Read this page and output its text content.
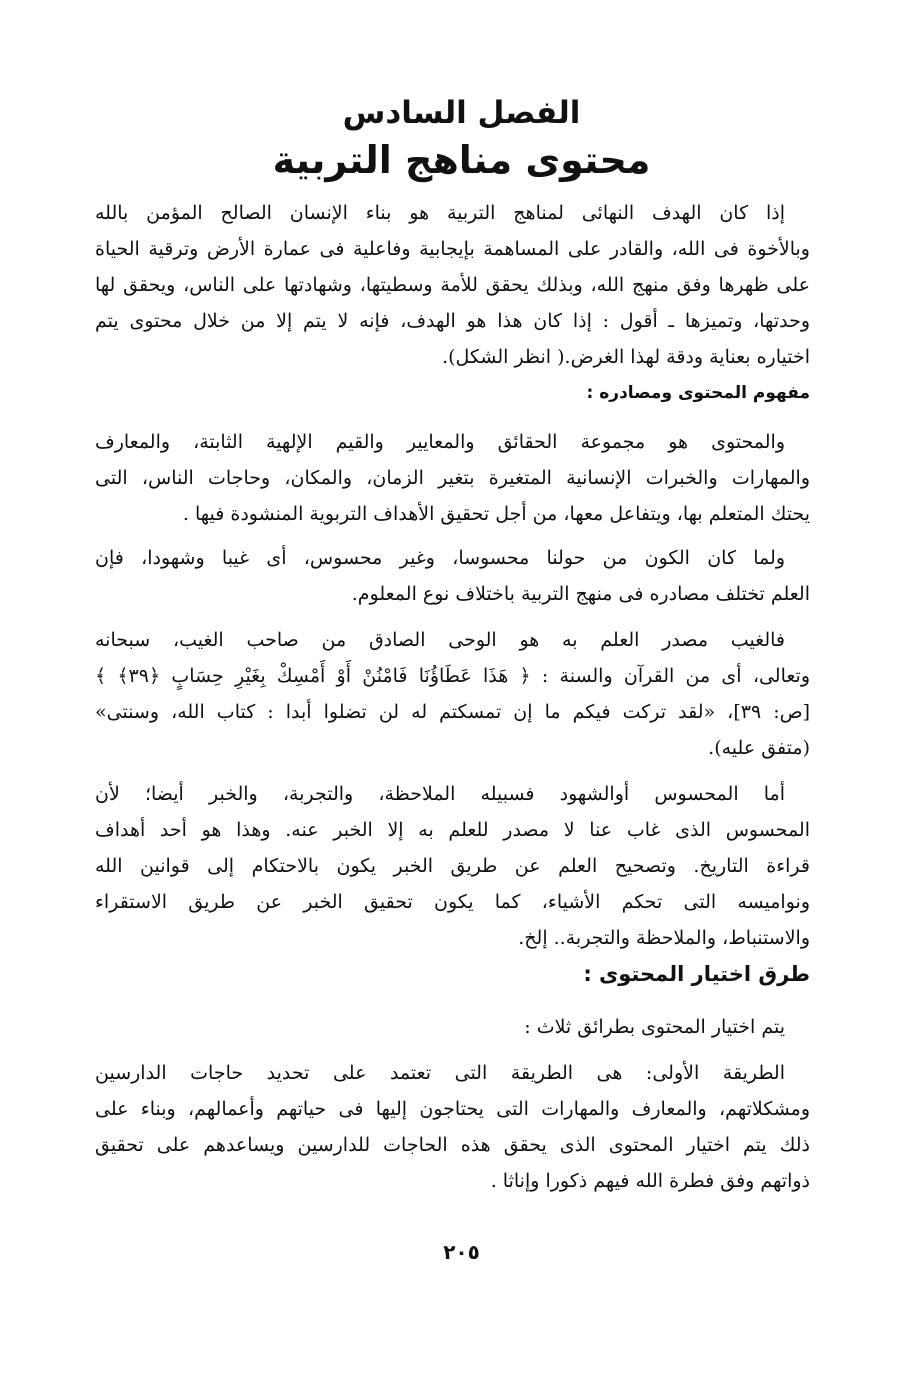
الفصل السادس
محتوى مناهج التربية
إذا كان الهدف النهائى لمناهج التربية هو بناء الإنسان الصالح المؤمن بالله
وبالأخوة فى الله، والقادر على المساهمة بإيجابية وفاعلية فى عمارة الأرض وترقية الحياة
على ظهرها وفق منهج الله، وبذلك يحقق للأمة وسطيتها، وشهادتها على الناس، ويحقق لها
وحدتها، وتميزها ـ أقول : إذا كان هذا هو الهدف، فإنه لا يتم إلا من خلال محتوى يتم
اختياره بعناية ودقة لهذا الغرض.( انظر الشكل).
مفهوم المحتوى ومصادره :
والمحتوى هو مجموعة الحقائق والمعايير والقيم الإلهية الثابتة، والمعارف
والمهارات والخبرات الإنسانية المتغيرة بتغير الزمان، والمكان، وحاجات الناس، التى
يحتك المتعلم بها، ويتفاعل معها، من أجل تحقيق الأهداف التربوية المنشودة فيها .
ولما كان الكون من حولنا محسوسا، وغير محسوس، أى غيبا وشهودا، فإن
العلم تختلف مصادره فى منهج التربية باختلاف نوع المعلوم.
فالغيب مصدر العلم به هو الوحى الصادق من صاحب الغيب، سبحانه
وتعالى، أى من القرآن والسنة : ﴿ هَذَا عَطَاؤُنَا فَامْنُنْ أَوْ أَمْسِكْ بِغَيْرِ حِسَابٍ ﴿٣٩﴾ ﴾
[ص: ٣٩]، «لقد تركت فيكم ما إن تمسكتم له لن تضلوا أبدا : كتاب الله، وسنتى»
(متفق عليه).
أما المحسوس أوالشهود فسبيله الملاحظة، والتجربة، والخبر أيضا؛ لأن
المحسوس الذى غاب عنا لا مصدر للعلم به إلا الخبر عنه. وهذا هو أحد أهداف
قراءة التاريخ. وتصحيح العلم عن طريق الخبر يكون بالاحتكام إلى قوانين الله
ونواميسه التى تحكم الأشياء، كما يكون تحقيق الخبر عن طريق الاستقراء
والاستنباط، والملاحظة والتجربة.. إلخ.
طرق اختيار المحتوى :
يتم اختيار المحتوى بطرائق ثلاث :
الطريقة الأولى: هى الطريقة التى تعتمد على تحديد حاجات الدارسين
ومشكلاتهم، والمعارف والمهارات التى يحتاجون إليها فى حياتهم وأعمالهم، وبناء على
ذلك يتم اختيار المحتوى الذى يحقق هذه الحاجات للدارسين ويساعدهم على تحقيق
ذواتهم وفق فطرة الله فيهم ذكورا وإناثا .
٢٠٥
